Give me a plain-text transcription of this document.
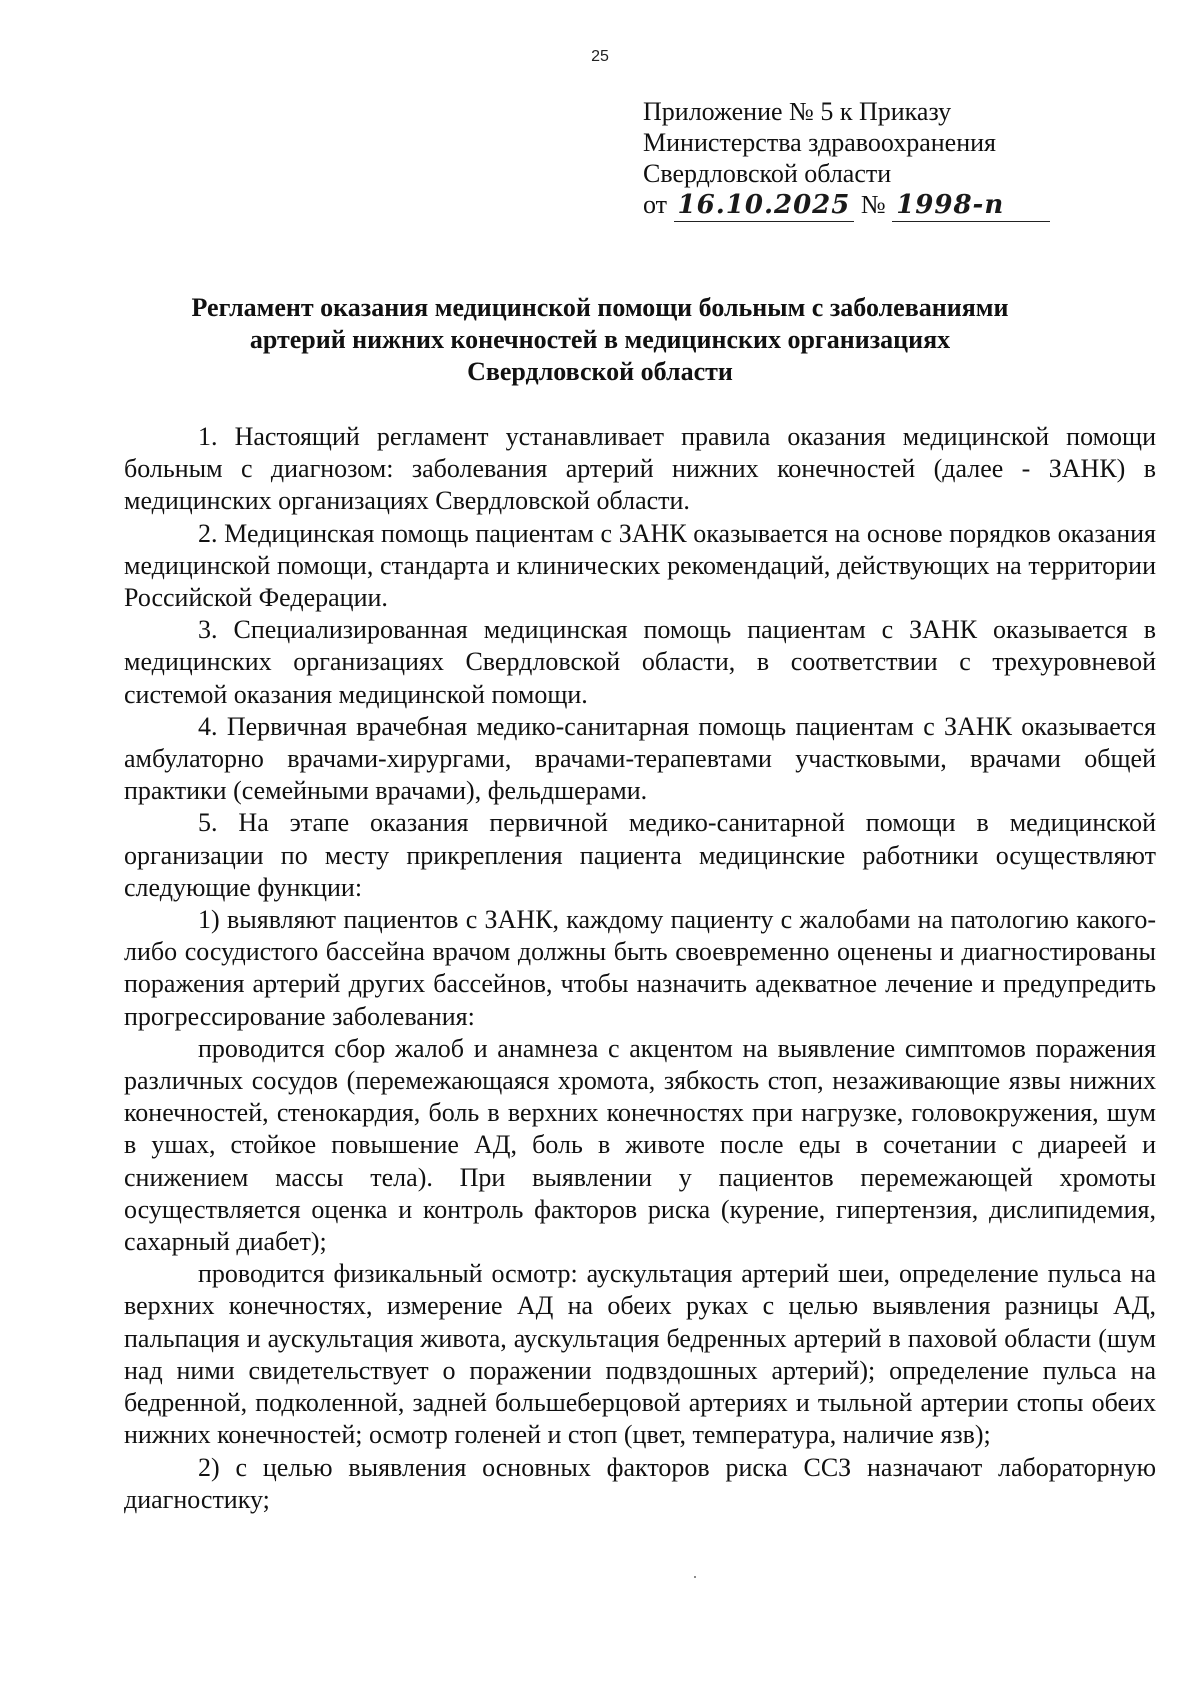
25
Приложение № 5 к Приказу
Министерства здравоохранения
Свердловской области
от 16.10.2025 № 1998-п
Регламент оказания медицинской помощи больным с заболеваниями
артерий нижних конечностей в медицинских организациях
Свердловской области

1. Настоящий регламент устанавливает правила оказания медицинской помощи больным с диагнозом: заболевания артерий нижних конечностей (далее - ЗАНК) в медицинских организациях Свердловской области.

2. Медицинская помощь пациентам с ЗАНК оказывается на основе порядков оказания медицинской помощи, стандарта и клинических рекомендаций, действующих на территории Российской Федерации.

3. Специализированная медицинская помощь пациентам с ЗАНК оказывается в медицинских организациях Свердловской области, в соответствии с трехуровневой системой оказания медицинской помощи.

4. Первичная врачебная медико-санитарная помощь пациентам с ЗАНК оказывается амбулаторно врачами-хирургами, врачами-терапевтами участковыми, врачами общей практики (семейными врачами), фельдшерами.

5. На этапе оказания первичной медико-санитарной помощи в медицинской организации по месту прикрепления пациента медицинские работники осуществляют следующие функции:

1) выявляют пациентов с ЗАНК, каждому пациенту с жалобами на патологию какого-либо сосудистого бассейна врачом должны быть своевременно оценены и диагностированы поражения артерий других бассейнов, чтобы назначить адекватное лечение и предупредить прогрессирование заболевания:

проводится сбор жалоб и анамнеза с акцентом на выявление симптомов поражения различных сосудов (перемежающаяся хромота, зябкость стоп, незаживающие язвы нижних конечностей, стенокардия, боль в верхних конечностях при нагрузке, головокружения, шум в ушах, стойкое повышение АД, боль в животе после еды в сочетании с диареей и снижением массы тела). При выявлении у пациентов перемежающей хромоты осуществляется оценка и контроль факторов риска (курение, гипертензия, дислипидемия, сахарный диабет);

проводится физикальный осмотр: аускультация артерий шеи, определение пульса на верхних конечностях, измерение АД на обеих руках с целью выявления разницы АД, пальпация и аускультация живота, аускультация бедренных артерий в паховой области (шум над ними свидетельствует о поражении подвздошных артерий); определение пульса на бедренной, подколенной, задней большеберцовой артериях и тыльной артерии стопы обеих нижних конечностей; осмотр голеней и стоп (цвет, температура, наличие язв);

2) с целью выявления основных факторов риска ССЗ назначают лабораторную диагностику;
